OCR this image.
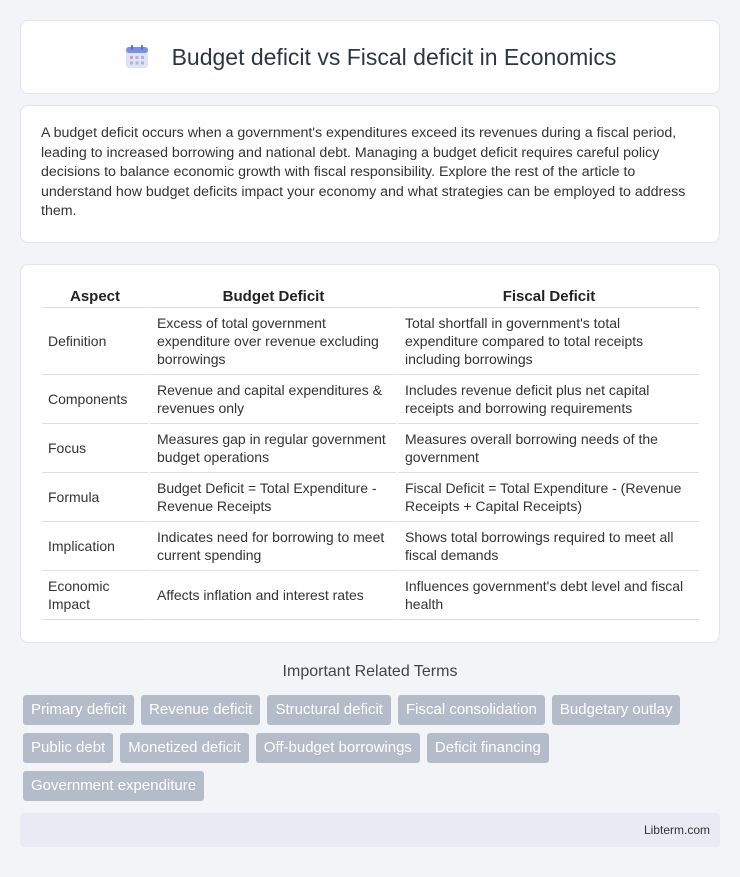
Budget deficit vs Fiscal deficit in Economics

A budget deficit occurs when a government's expenditures exceed its revenues during a fiscal period, leading to increased borrowing and national debt. Managing a budget deficit requires careful policy decisions to balance economic growth with fiscal responsibility. Explore the rest of the article to understand how budget deficits impact your economy and what strategies can be employed to address them.

Aspect	Budget Deficit	Fiscal Deficit
Definition	Excess of total government expenditure over revenue excluding borrowings	Total shortfall in government's total expenditure compared to total receipts including borrowings
Components	Revenue and capital expenditures & revenues only	Includes revenue deficit plus net capital receipts and borrowing requirements
Focus	Measures gap in regular government budget operations	Measures overall borrowing needs of the government
Formula	Budget Deficit = Total Expenditure - Revenue Receipts	Fiscal Deficit = Total Expenditure - (Revenue Receipts + Capital Receipts)
Implication	Indicates need for borrowing to meet current spending	Shows total borrowings required to meet all fiscal demands
Economic Impact	Affects inflation and interest rates	Influences government's debt level and fiscal health
Important Related Terms
Primary deficit	Revenue deficit	Structural deficit	Fiscal consolidation	Budgetary outlay
Public debt	Monetized deficit	Off-budget borrowings	Deficit financing
Government expenditure
Libterm.com
